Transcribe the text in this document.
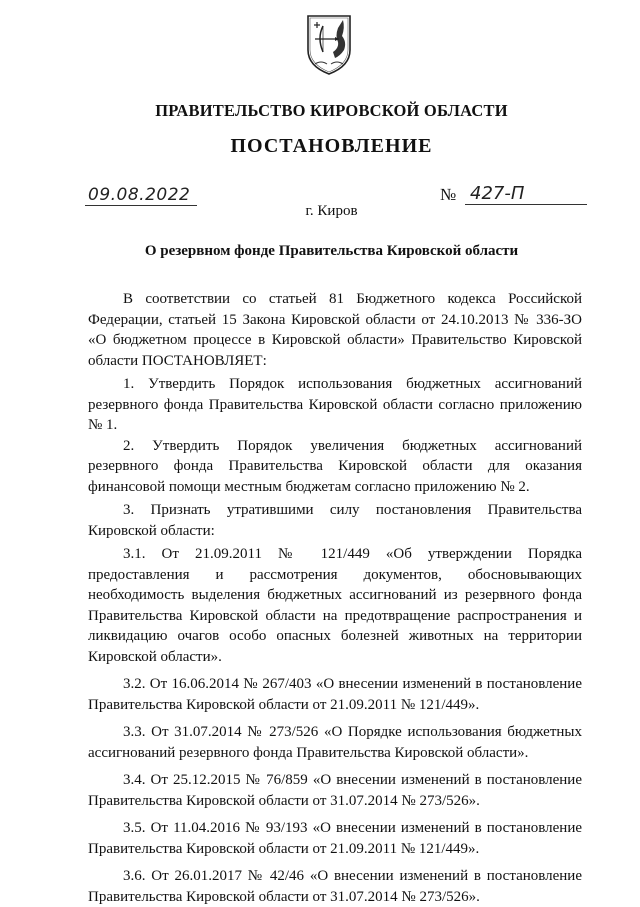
ПРАВИТЕЛЬСТВО КИРОВСКОЙ ОБЛАСТИ
ПОСТАНОВЛЕНИЕ
09.08.2022	№ 427-П
г. Киров
О резервном фонде Правительства Кировской области

В соответствии со статьей 81 Бюджетного кодекса Российской Федерации, статьей 15 Закона Кировской области от 24.10.2013 № 336-ЗО «О бюджетном процессе в Кировской области» Правительство Кировской области ПОСТАНОВЛЯЕТ:

1. Утвердить Порядок использования бюджетных ассигнований резервного фонда Правительства Кировской области согласно приложению № 1.

2. Утвердить Порядок увеличения бюджетных ассигнований резервного фонда Правительства Кировской области для оказания финансовой помощи местным бюджетам согласно приложению № 2.

3. Признать утратившими силу постановления Правительства Кировской области:

3.1. От 21.09.2011 № 121/449 «Об утверждении Порядка предоставления и рассмотрения документов, обосновывающих необходимость выделения бюджетных ассигнований из резервного фонда Правительства Кировской области на предотвращение распространения и ликвидацию очагов особо опасных болезней животных на территории Кировской области».

3.2. От 16.06.2014 № 267/403 «О внесении изменений в постановление Правительства Кировской области от 21.09.2011 № 121/449».

3.3. От 31.07.2014 № 273/526 «О Порядке использования бюджетных ассигнований резервного фонда Правительства Кировской области».

3.4. От 25.12.2015 № 76/859 «О внесении изменений в постановление Правительства Кировской области от 31.07.2014 № 273/526».

3.5. От 11.04.2016 № 93/193 «О внесении изменений в постановление Правительства Кировской области от 21.09.2011 № 121/449».

3.6. От 26.01.2017 № 42/46 «О внесении изменений в постановление Правительства Кировской области от 31.07.2014 № 273/526».
